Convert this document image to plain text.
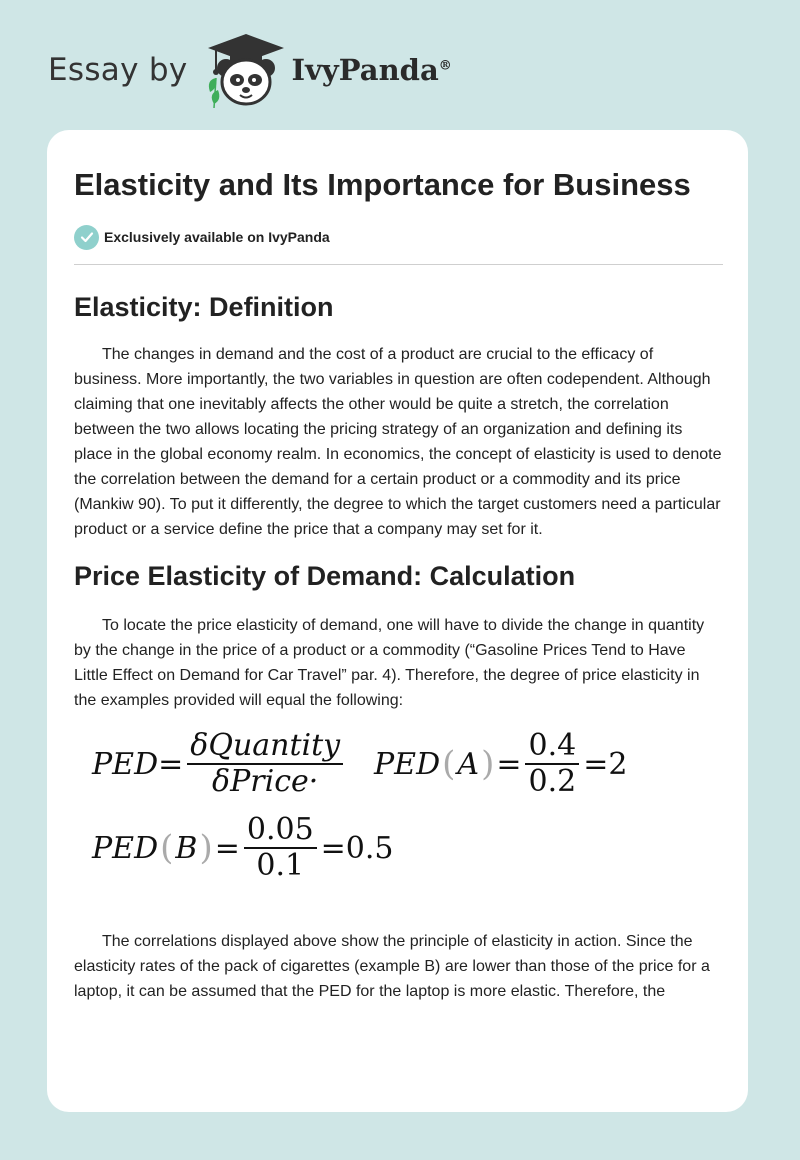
Essay by	IvyPanda®
Elasticity and Its Importance for Business
Exclusively available on IvyPanda
Elasticity: Definition

The changes in demand and the cost of a product are crucial to the efficacy of business. More importantly, the two variables in question are often codependent. Although claiming that one inevitably affects the other would be quite a stretch, the correlation between the two allows locating the pricing strategy of an organization and defining its place in the global economy realm. In economics, the concept of elasticity is used to denote the correlation between the demand for a certain product or a commodity and its price (Mankiw 90). To put it differently, the degree to which the target customers need a particular product or a service define the price that a company may set for it.

Price Elasticity of Demand: Calculation

To locate the price elasticity of demand, one will have to divide the change in quantity by the change in the price of a product or a commodity (“Gasoline Prices Tend to Have Little Effect on Demand for Car Travel” par. 4). Therefore, the degree of price elasticity in the examples provided will equal the following:

PED = $\frac{\text{δQuantity}}{\text{δPrice·}}$ PED ( A ) = $\frac{0.4}{0.2} = 2$
PED ( B ) = $\frac{0.05}{0.1} = 0.5$

The correlations displayed above show the principle of elasticity in action. Since the elasticity rates of the pack of cigarettes (example B) are lower than those of the price for a laptop, it can be assumed that the PED for the laptop is more elastic. Therefore, the
